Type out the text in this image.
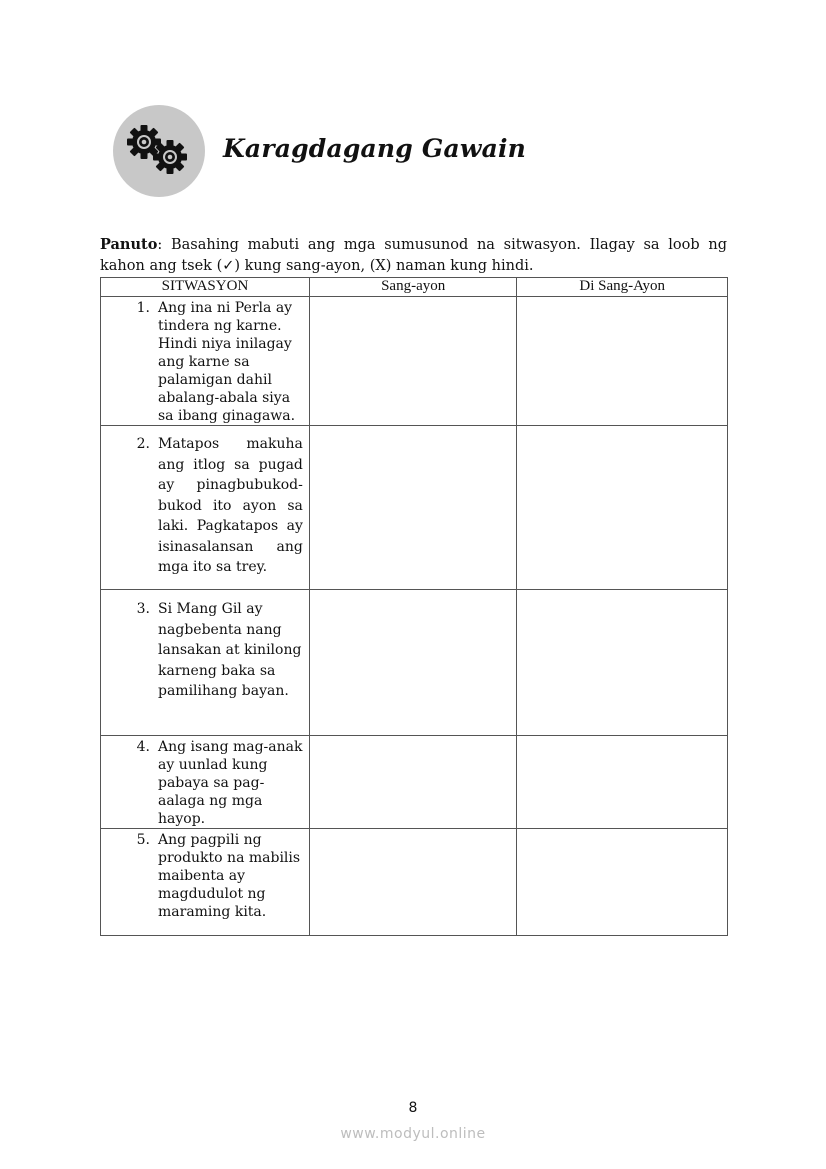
Karagdagang Gawain
Panuto: Basahing mabuti ang mga sumusunod na sitwasyon. Ilagay sa loob ng kahon ang tsek (✓) kung sang-ayon, (X) naman kung hindi.
SITWASYON	Sang-ayon	Di Sang-Ayon

1. Ang ina ni Perla ay tindera ng karne. Hindi niya inilagay ang karne sa palamigan dahil abalang-abala siya sa ibang ginagawa.		

2. Matapos makuha ang itlog sa pugad ay pinagbubukod-bukod ito ayon sa laki. Pagkatapos ay isinasalansan ang mga ito sa trey.		

3. Si Mang Gil ay nagbebenta nang lansakan at kinilong karneng baka sa pamilihang bayan.		

4. Ang isang mag-anak ay uunlad kung pabaya sa pag-aalaga ng mga hayop.		

5. Ang pagpili ng produkto na mabilis maibenta ay magdudulot ng maraming kita.		

8
www.modyul.online
